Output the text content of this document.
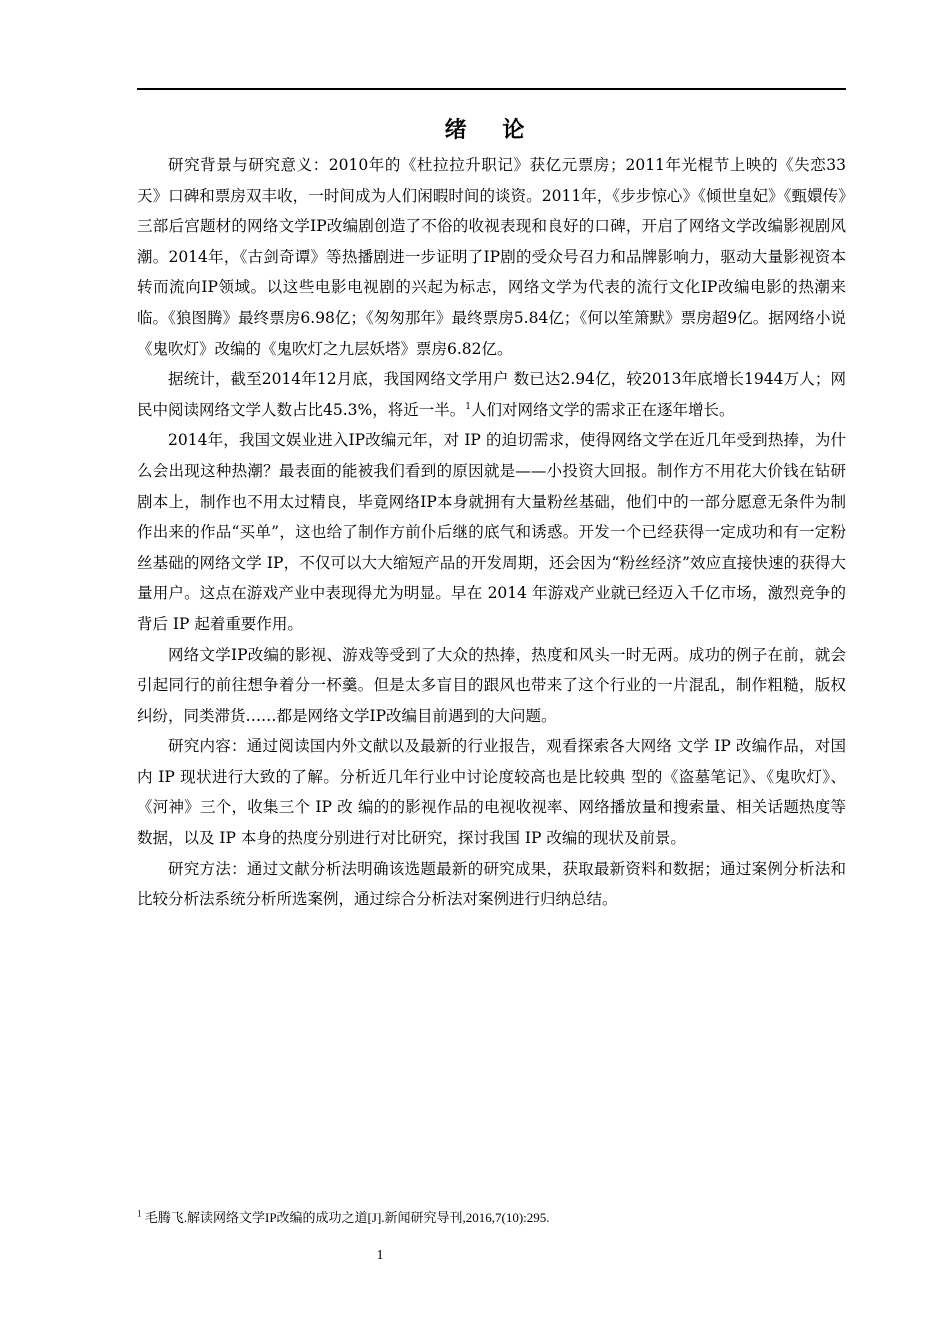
绪 论

研究背景与研究意义：2010年的《杜拉拉升职记》获亿元票房；2011年光棍节上映的《失恋33 天》口碑和票房双丰收，一时间成为人们闲暇时间的谈资。2011年，《步步惊心》《倾世皇妃》《甄嬛传》三部后宫题材的网络文学IP改编剧创造了不俗的收视表现和良好的口碑，开启了网络文学改编影视剧风潮。2014年，《古剑奇谭》等热播剧进一步证明了IP剧的受众号召力和品牌影响力，驱动大量影视资本转而流向IP领域。以这些电影电视剧的兴起为标志，网络文学为代表的流行文化IP改编电影的热潮来临。《狼图腾》最终票房6.98亿；《匆匆那年》最终票房5.84亿；《何以笙箫默》票房超9亿。据网络小说《鬼吹灯》改编的《鬼吹灯之九层妖塔》票房6.82亿。

据统计，截至2014年12月底，我国网络文学用户 数已达2.94亿，较2013年底增长1944万人；网民中阅读网络文学人数占比45.3%，将近一半。$^1$人们对网络文学的需求正在逐年增长。

2014年，我国文娱业进入IP改编元年，对 IP 的迫切需求，使得网络文学在近几年受到热捧，为什么会出现这种热潮？最表面的能被我们看到的原因就是——小投资大回报。制作方不用花大价钱在钻研剧本上，制作也不用太过精良，毕竟网络IP本身就拥有大量粉丝基础，他们中的一部分愿意无条件为制作出来的作品“买单”，这也给了制作方前仆后继的底气和诱惑。开发一个已经获得一定成功和有一定粉丝基础的网络文学 IP，不仅可以大大缩短产品的开发周期，还会因为“粉丝经济”效应直接快速的获得大量用户。这点在游戏产业中表现得尤为明显。早在 2014 年游戏产业就已经迈入千亿市场，激烈竞争的背后 IP 起着重要作用。

网络文学IP改编的影视、游戏等受到了大众的热捧，热度和风头一时无两。成功的例子在前，就会引起同行的前往想争着分一杯羹。但是太多盲目的跟风也带来了这个行业的一片混乱，制作粗糙，版权纠纷，同类滞货……都是网络文学IP改编目前遇到的大问题。

研究内容：通过阅读国内外文献以及最新的行业报告，观看探索各大网络 文学 IP 改编作品，对国内 IP 现状进行大致的了解。分析近几年行业中讨论度较高也是比较典 型的《盗墓笔记》、《鬼吹灯》、《河神》三个，收集三个 IP 改 编的的影视作品的电视收视率、网络播放量和搜索量、相关话题热度等数据，以及 IP 本身的热度分别进行对比研究，探讨我国 IP 改编的现状及前景。

研究方法：通过文献分析法明确该选题最新的研究成果，获取最新资料和数据；通过案例分析法和比较分析法系统分析所选案例，通过综合分析法对案例进行归纳总结。

$^1$ 毛腾飞.解读网络文学IP改编的成功之道[J].新闻研究导刊,2016,7(10):295.
1
